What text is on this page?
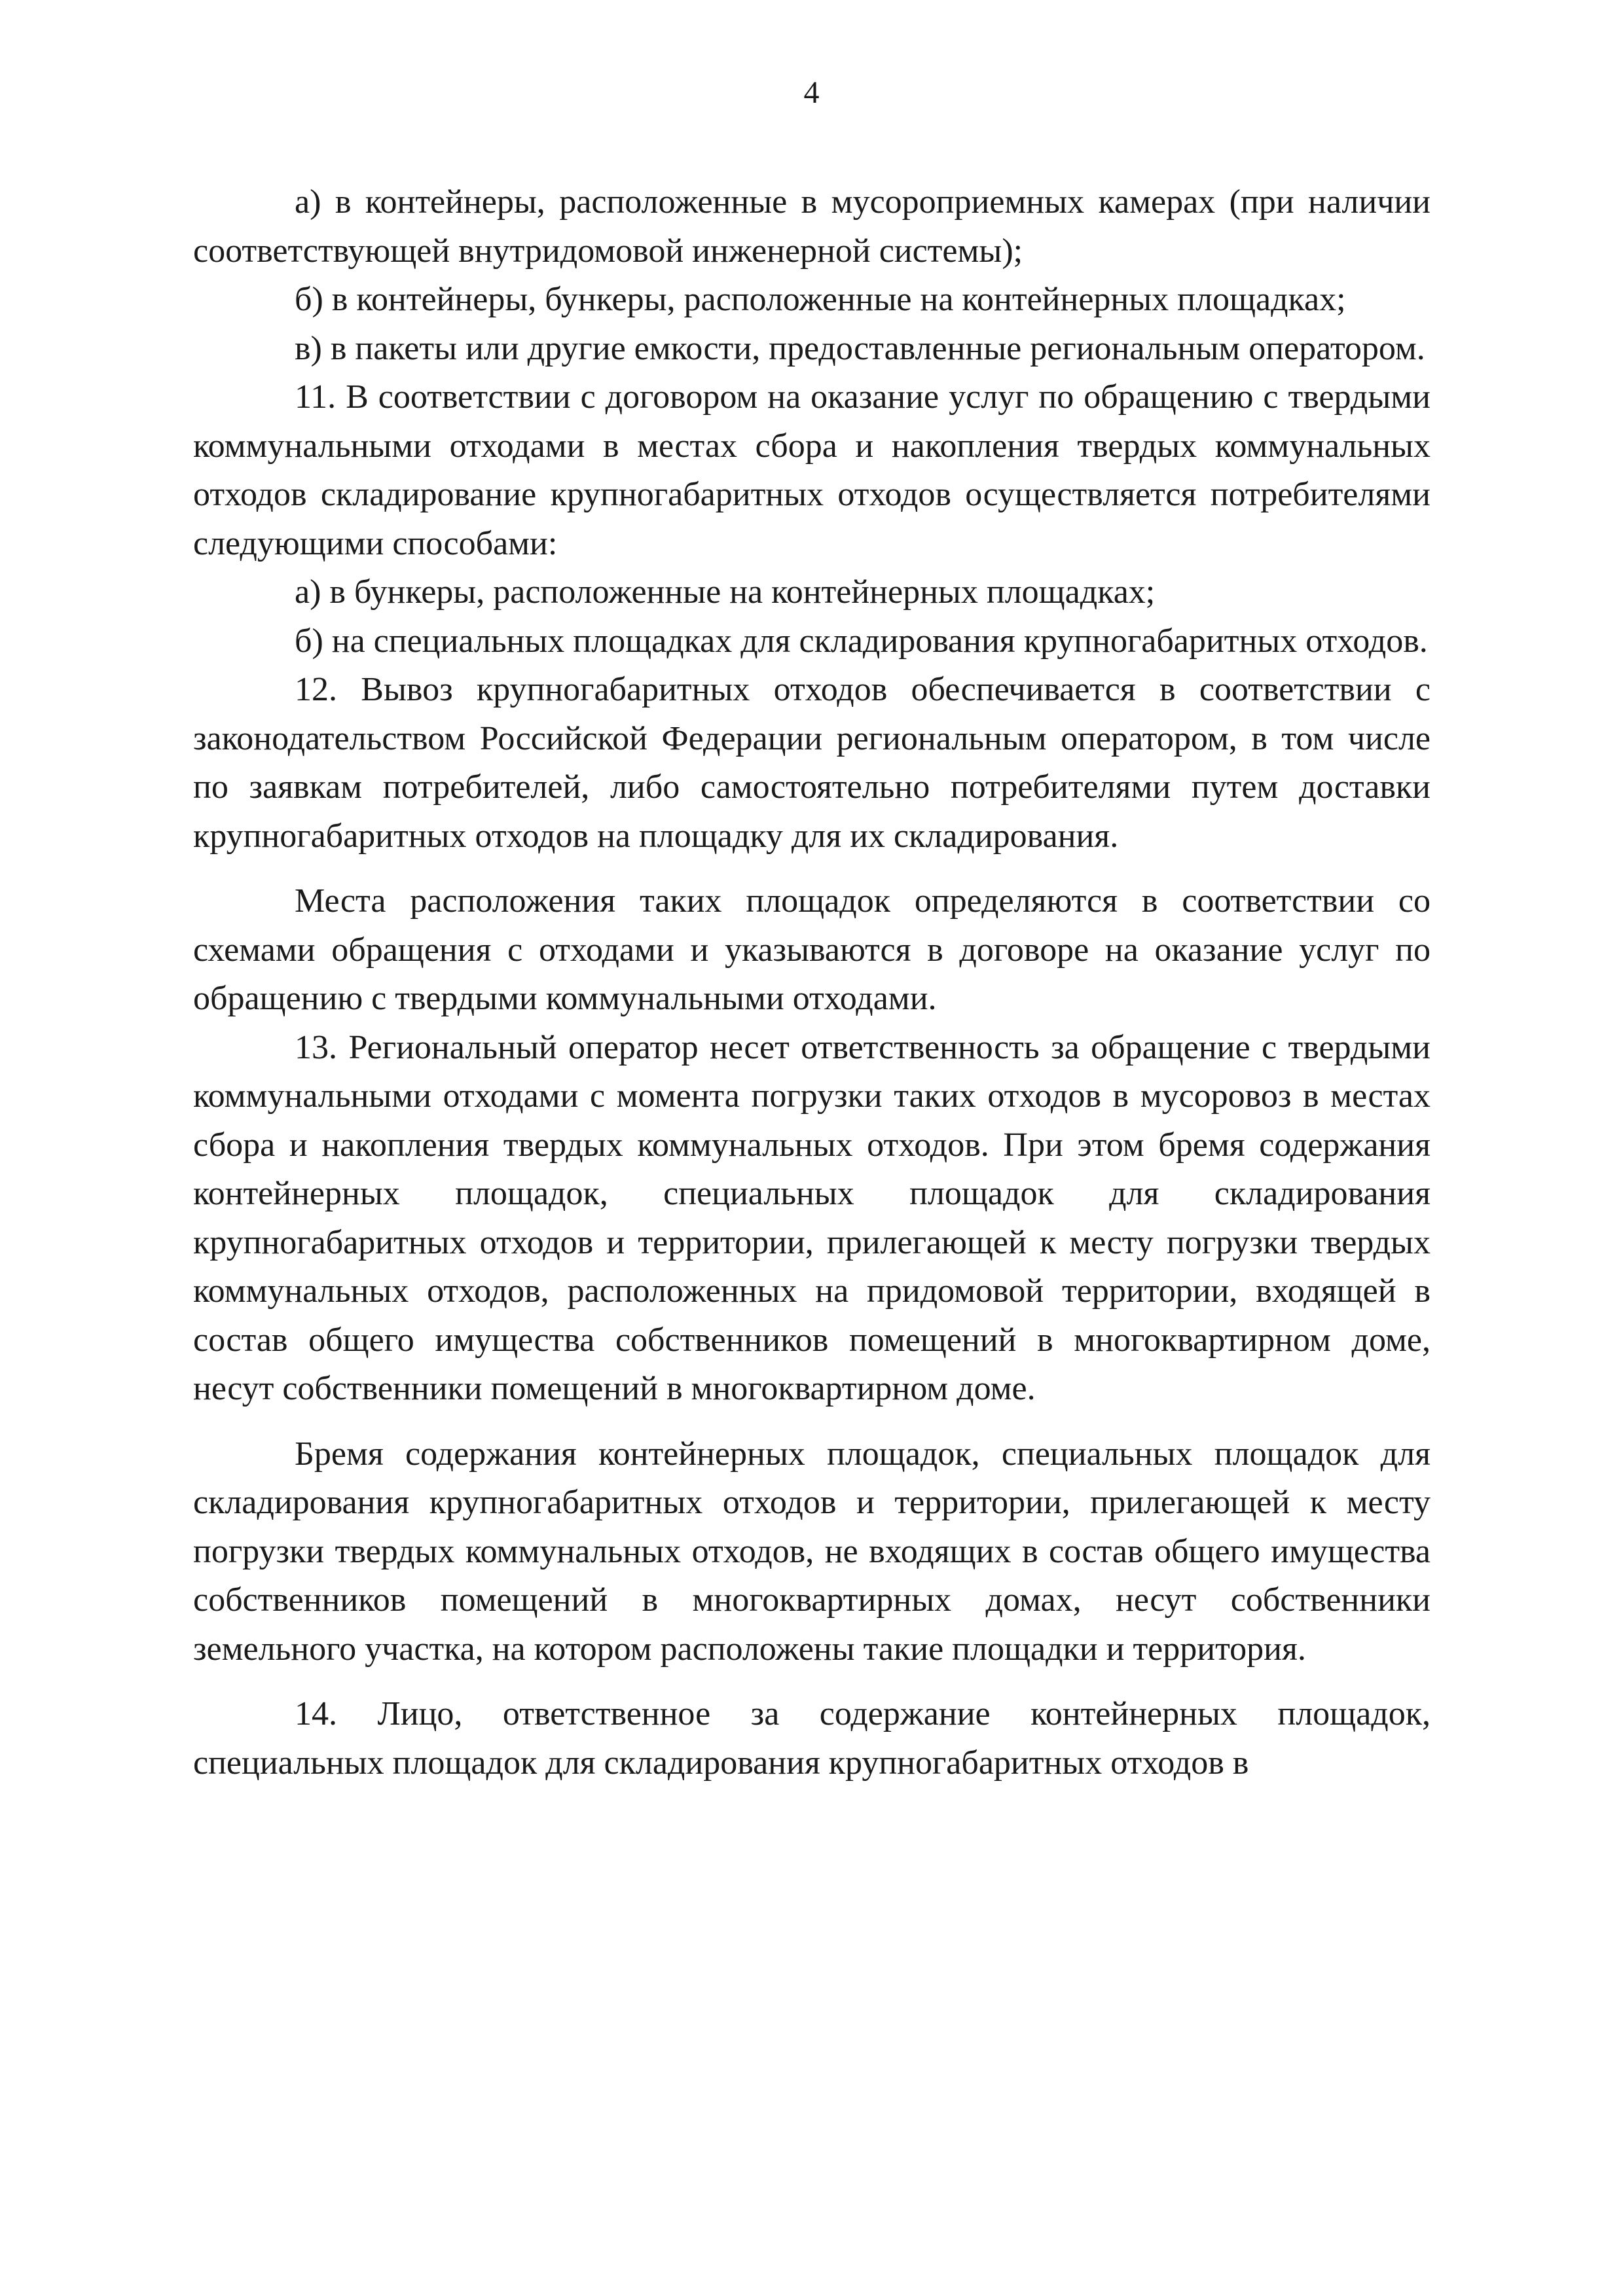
4

а) в контейнеры, расположенные в мусороприемных камерах (при наличии соответствующей внутридомовой инженерной системы);

б) в контейнеры, бункеры, расположенные на контейнерных площадках;

в) в пакеты или другие емкости, предоставленные региональным оператором.

11. В соответствии с договором на оказание услуг по обращению с твердыми коммунальными отходами в местах сбора и накопления твердых коммунальных отходов складирование крупногабаритных отходов осуществляется потребителями следующими способами:

а) в бункеры, расположенные на контейнерных площадках;

б) на специальных площадках для складирования крупногабаритных отходов.

12. Вывоз крупногабаритных отходов обеспечивается в соответствии с законодательством Российской Федерации региональным оператором, в том числе по заявкам потребителей, либо самостоятельно потребителями путем доставки крупногабаритных отходов на площадку для их складирования.

Места расположения таких площадок определяются в соответствии со схемами обращения с отходами и указываются в договоре на оказание услуг по обращению с твердыми коммунальными отходами.

13. Региональный оператор несет ответственность за обращение с твердыми коммунальными отходами с момента погрузки таких отходов в мусоровоз в местах сбора и накопления твердых коммунальных отходов. При этом бремя содержания контейнерных площадок, специальных площадок для складирования крупногабаритных отходов и территории, прилегающей к месту погрузки твердых коммунальных отходов, расположенных на придомовой территории, входящей в состав общего имущества собственников помещений в многоквартирном доме, несут собственники помещений в многоквартирном доме.

Бремя содержания контейнерных площадок, специальных площадок для складирования крупногабаритных отходов и территории, прилегающей к месту погрузки твердых коммунальных отходов, не входящих в состав общего имущества собственников помещений в многоквартирных домах, несут собственники земельного участка, на котором расположены такие площадки и территория.

14. Лицо, ответственное за содержание контейнерных площадок, специальных площадок для складирования крупногабаритных отходов в
